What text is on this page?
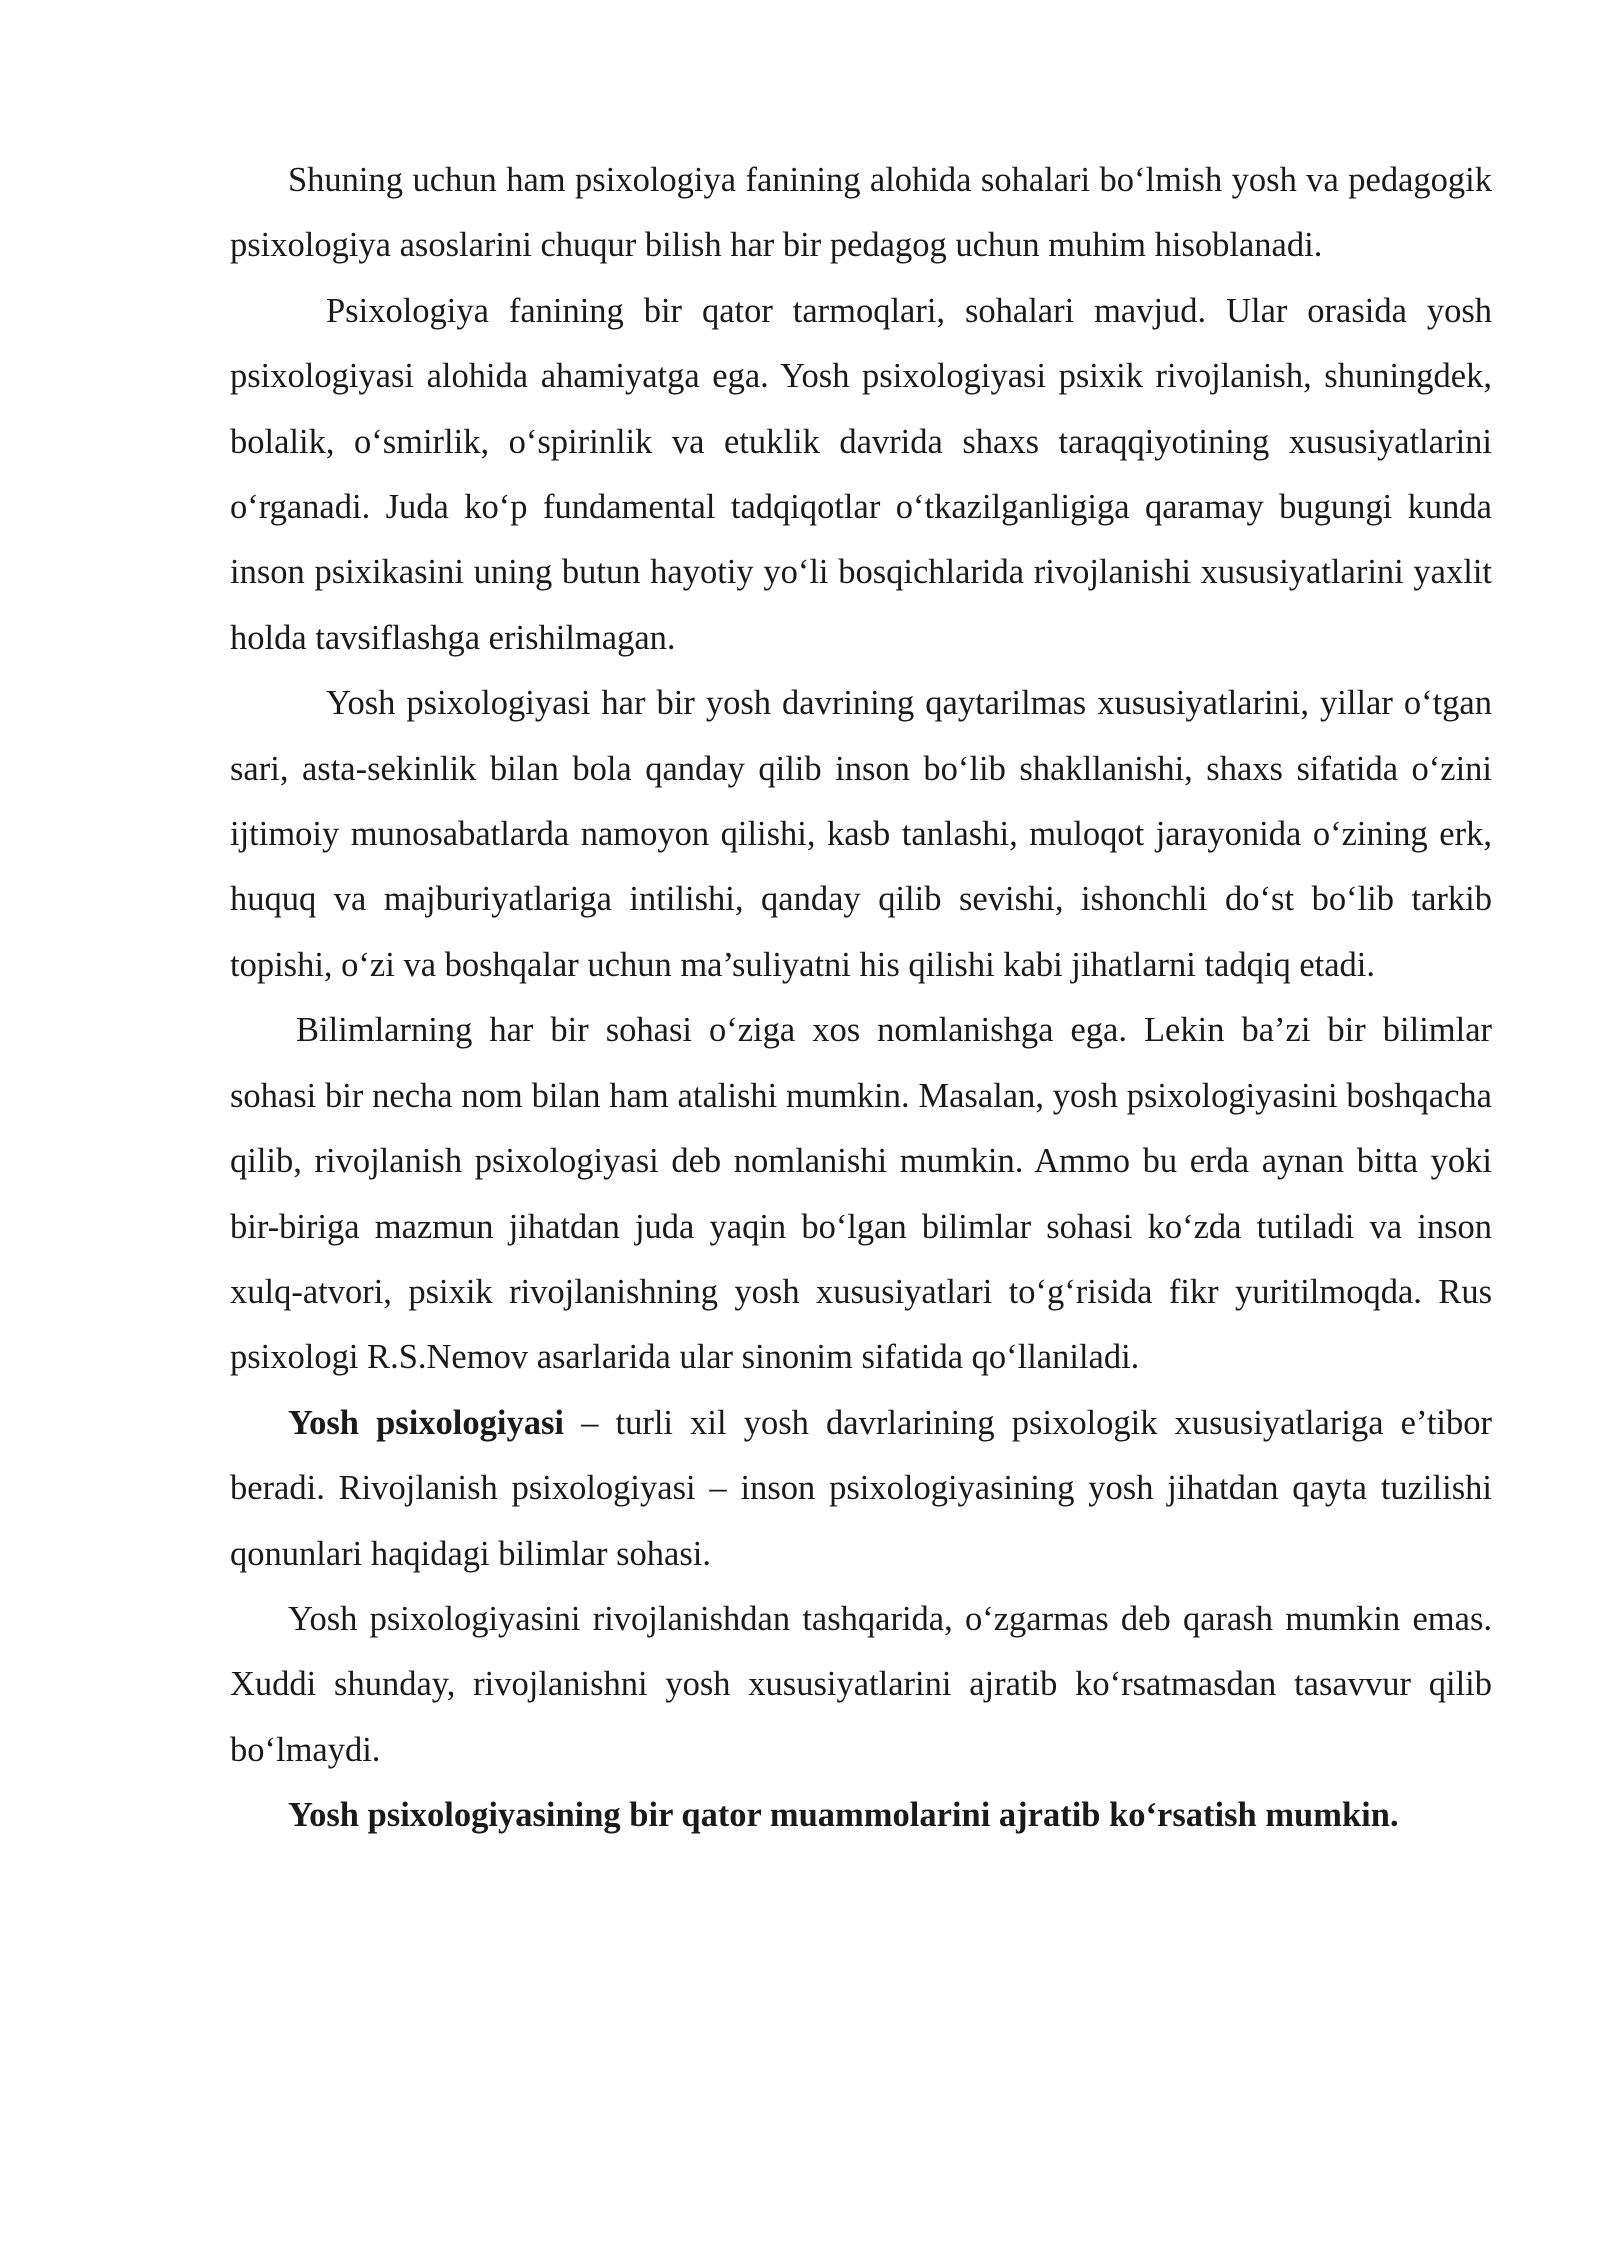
Shuning uchun ham psixologiya fanining alohida sohalari bo‘lmish yosh va pedagogik psixologiya asoslarini chuqur bilish har bir pedagog uchun muhim hisoblanadi.

Psixologiya fanining bir qator tarmoqlari, sohalari mavjud. Ular orasida yosh psixologiyasi alohida ahamiyatga ega. Yosh psixologiyasi psixik rivojlanish, shuningdek, bolalik, o‘smirlik, o‘spirinlik va etuklik davrida shaxs taraqqiyotining xususiyatlarini o‘rganadi. Juda ko‘p fundamental tadqiqotlar o‘tkazilganligiga qaramay bugungi kunda inson psixikasini uning butun hayotiy yo‘li bosqichlarida rivojlanishi xususiyatlarini yaxlit holda tavsiflashga erishilmagan.

Yosh psixologiyasi har bir yosh davrining qaytarilmas xususiyatlarini, yillar o‘tgan sari, asta-sekinlik bilan bola qanday qilib inson bo‘lib shakllanishi, shaxs sifatida o‘zini ijtimoiy munosabatlarda namoyon qilishi, kasb tanlashi, muloqot jarayonida o‘zining erk, huquq va majburiyatlariga intilishi, qanday qilib sevishi, ishonchli do‘st bo‘lib tarkib topishi, o‘zi va boshqalar uchun ma’suliyatni his qilishi kabi jihatlarni tadqiq etadi.

Bilimlarning har bir sohasi o‘ziga xos nomlanishga ega. Lekin ba’zi bir bilimlar sohasi bir necha nom bilan ham atalishi mumkin. Masalan, yosh psixologiyasini boshqacha qilib, rivojlanish psixologiyasi deb nomlanishi mumkin. Ammo bu erda aynan bitta yoki bir-biriga mazmun jihatdan juda yaqin bo‘lgan bilimlar sohasi ko‘zda tutiladi va inson xulq-atvori, psixik rivojlanishning yosh xususiyatlari to‘g‘risida fikr yuritilmoqda. Rus psixologi R.S.Nemov asarlarida ular sinonim sifatida qo‘llaniladi.

Yosh psixologiyasi – turli xil yosh davrlarining psixologik xususiyatlariga e’tibor beradi. Rivojlanish psixologiyasi – inson psixologiyasining yosh jihatdan qayta tuzilishi qonunlari haqidagi bilimlar sohasi.

Yosh psixologiyasini rivojlanishdan tashqarida, o‘zgarmas deb qarash mumkin emas. Xuddi shunday, rivojlanishni yosh xususiyatlarini ajratib ko‘rsatmasdan tasavvur qilib bo‘lmaydi.

Yosh psixologiyasining bir qator muammolarini ajratib ko‘rsatish mumkin.
